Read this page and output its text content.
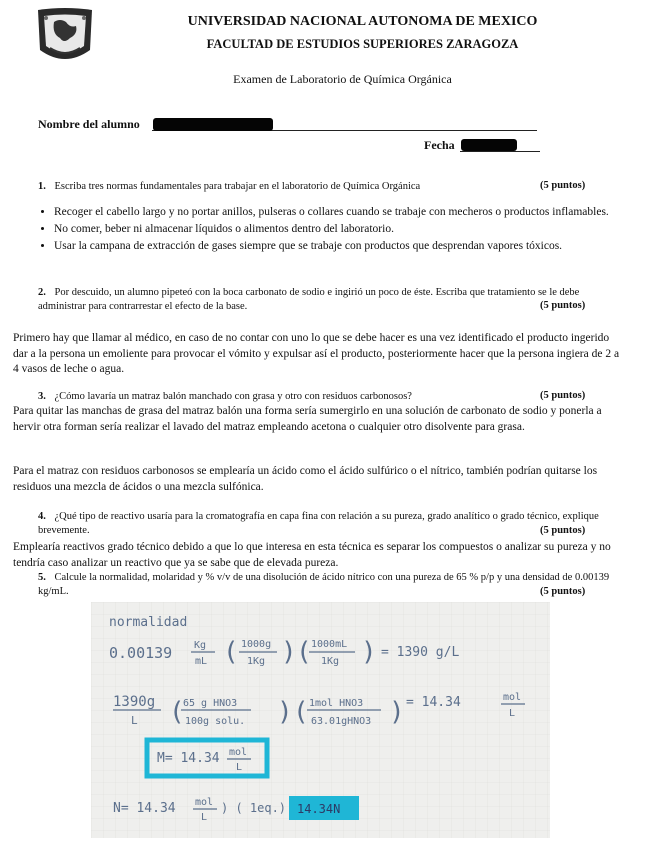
UNIVERSIDAD NACIONAL AUTONOMA DE MEXICO
FACULTAD DE ESTUDIOS SUPERIORES ZARAGOZA
Examen de Laboratorio de Química Orgánica
Nombre del alumno
Fecha
1. Escriba tres normas fundamentales para trabajar en el laboratorio de Química Orgánica	(5 puntos)
• Recoger el cabello largo y no portar anillos, pulseras o collares cuando se trabaje con mecheros o productos inflamables.
• No comer, beber ni almacenar líquidos o alimentos dentro del laboratorio.
• Usar la campana de extracción de gases siempre que se trabaje con productos que desprendan vapores tóxicos.
2. Por descuido, un alumno pipeteó con la boca carbonato de sodio e ingirió un poco de éste. Escriba que tratamiento se le debe administrar para contrarrestar el efecto de la base.	(5 puntos)
Primero hay que llamar al médico, en caso de no contar con uno lo que se debe hacer es una vez identificado el producto ingerido dar a la persona un emoliente para provocar el vómito y expulsar así el producto, posteriormente hacer que la persona ingiera de 2 a 4 vasos de leche o agua.
3. ¿Cómo lavaría un matraz balón manchado con grasa y otro con residuos carbonosos?	(5 puntos)
Para quitar las manchas de grasa del matraz balón una forma sería sumergirlo en una solución de carbonato de sodio y ponerla a hervir otra forman sería realizar el lavado del matraz empleando acetona o cualquier otro disolvente para grasa.
Para el matraz con residuos carbonosos se emplearía un ácido como el ácido sulfúrico o el nítrico, también podrían quitarse los residuos una mezcla de ácidos o una mezcla sulfónica.
4. ¿Qué tipo de reactivo usaría para la cromatografía en capa fina con relación a su pureza, grado analítico o grado técnico, explique brevemente.	(5 puntos)
Emplearía reactivos grado técnico debido a que lo que interesa en esta técnica es separar los compuestos o analizar su pureza y no tendría caso analizar un reactivo que ya se sabe que de elevada pureza.
5. Calcule la normalidad, molaridad y % v/v de una disolución de ácido nítrico con una pureza de 65 % p/p y una densidad de 0.00139 kg/mL.	(5 puntos)
normalidad
0.00139 Kg
mL ( 1000g
1Kg ) ( 1000mL
1Kg ) = 1390 g/L
1390g
L (
65 g HNO3
100g solu. ) ( 1mol HNO3
63.01gHNO3 ) = 14.34	mol
L
M= 14.34 mol
L
N= 14.34 mol
L
) ( 1eq.) 14.34N
